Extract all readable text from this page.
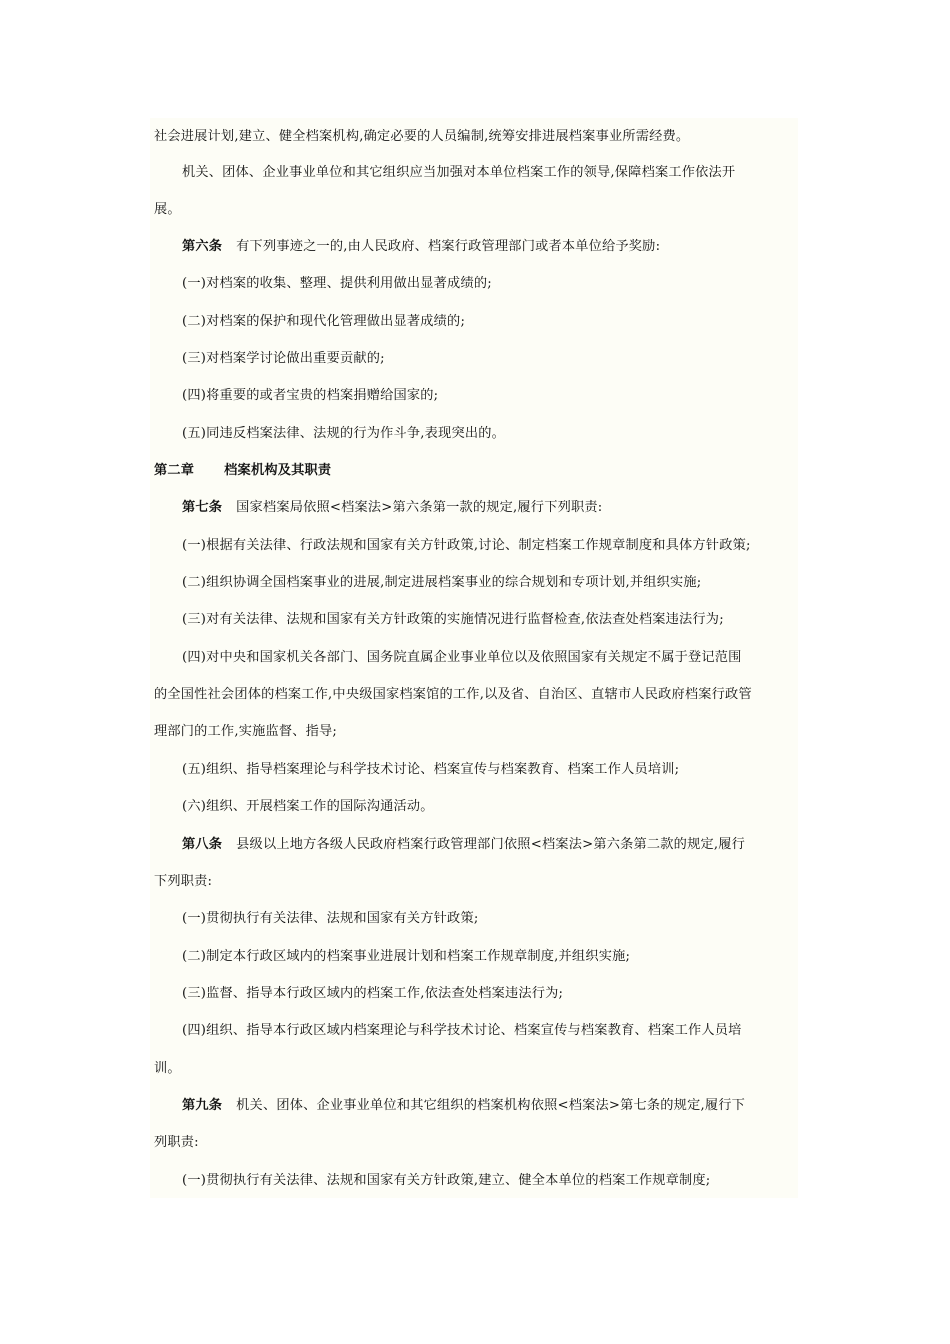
社会进展计划,建立、健全档案机构,确定必要的人员编制,统筹安排进展档案事业所需经费。
机关、团体、企业事业单位和其它组织应当加强对本单位档案工作的领导,保障档案工作依法开
展。
第六条 有下列事迹之一的,由人民政府、档案行政管理部门或者本单位给予奖励:
(一)对档案的收集、整理、提供利用做出显著成绩的;
(二)对档案的保护和现代化管理做出显著成绩的;
(三)对档案学讨论做出重要贡献的;
(四)将重要的或者宝贵的档案捐赠给国家的;
(五)同违反档案法律、法规的行为作斗争,表现突出的。
第二章 档案机构及其职责
第七条 国家档案局依照<档案法>第六条第一款的规定,履行下列职责:
(一)根据有关法律、行政法规和国家有关方针政策,讨论、制定档案工作规章制度和具体方针政策;
(二)组织协调全国档案事业的进展,制定进展档案事业的综合规划和专项计划,并组织实施;
(三)对有关法律、法规和国家有关方针政策的实施情况进行监督检查,依法查处档案违法行为;
(四)对中央和国家机关各部门、国务院直属企业事业单位以及依照国家有关规定不属于登记范围
的全国性社会团体的档案工作,中央级国家档案馆的工作,以及省、自治区、直辖市人民政府档案行政管
理部门的工作,实施监督、指导;
(五)组织、指导档案理论与科学技术讨论、档案宣传与档案教育、档案工作人员培训;
(六)组织、开展档案工作的国际沟通活动。
第八条 县级以上地方各级人民政府档案行政管理部门依照<档案法>第六条第二款的规定,履行
下列职责:
(一)贯彻执行有关法律、法规和国家有关方针政策;
(二)制定本行政区域内的档案事业进展计划和档案工作规章制度,并组织实施;
(三)监督、指导本行政区域内的档案工作,依法查处档案违法行为;
(四)组织、指导本行政区域内档案理论与科学技术讨论、档案宣传与档案教育、档案工作人员培
训。
第九条 机关、团体、企业事业单位和其它组织的档案机构依照<档案法>第七条的规定,履行下
列职责:
(一)贯彻执行有关法律、法规和国家有关方针政策,建立、健全本单位的档案工作规章制度;
